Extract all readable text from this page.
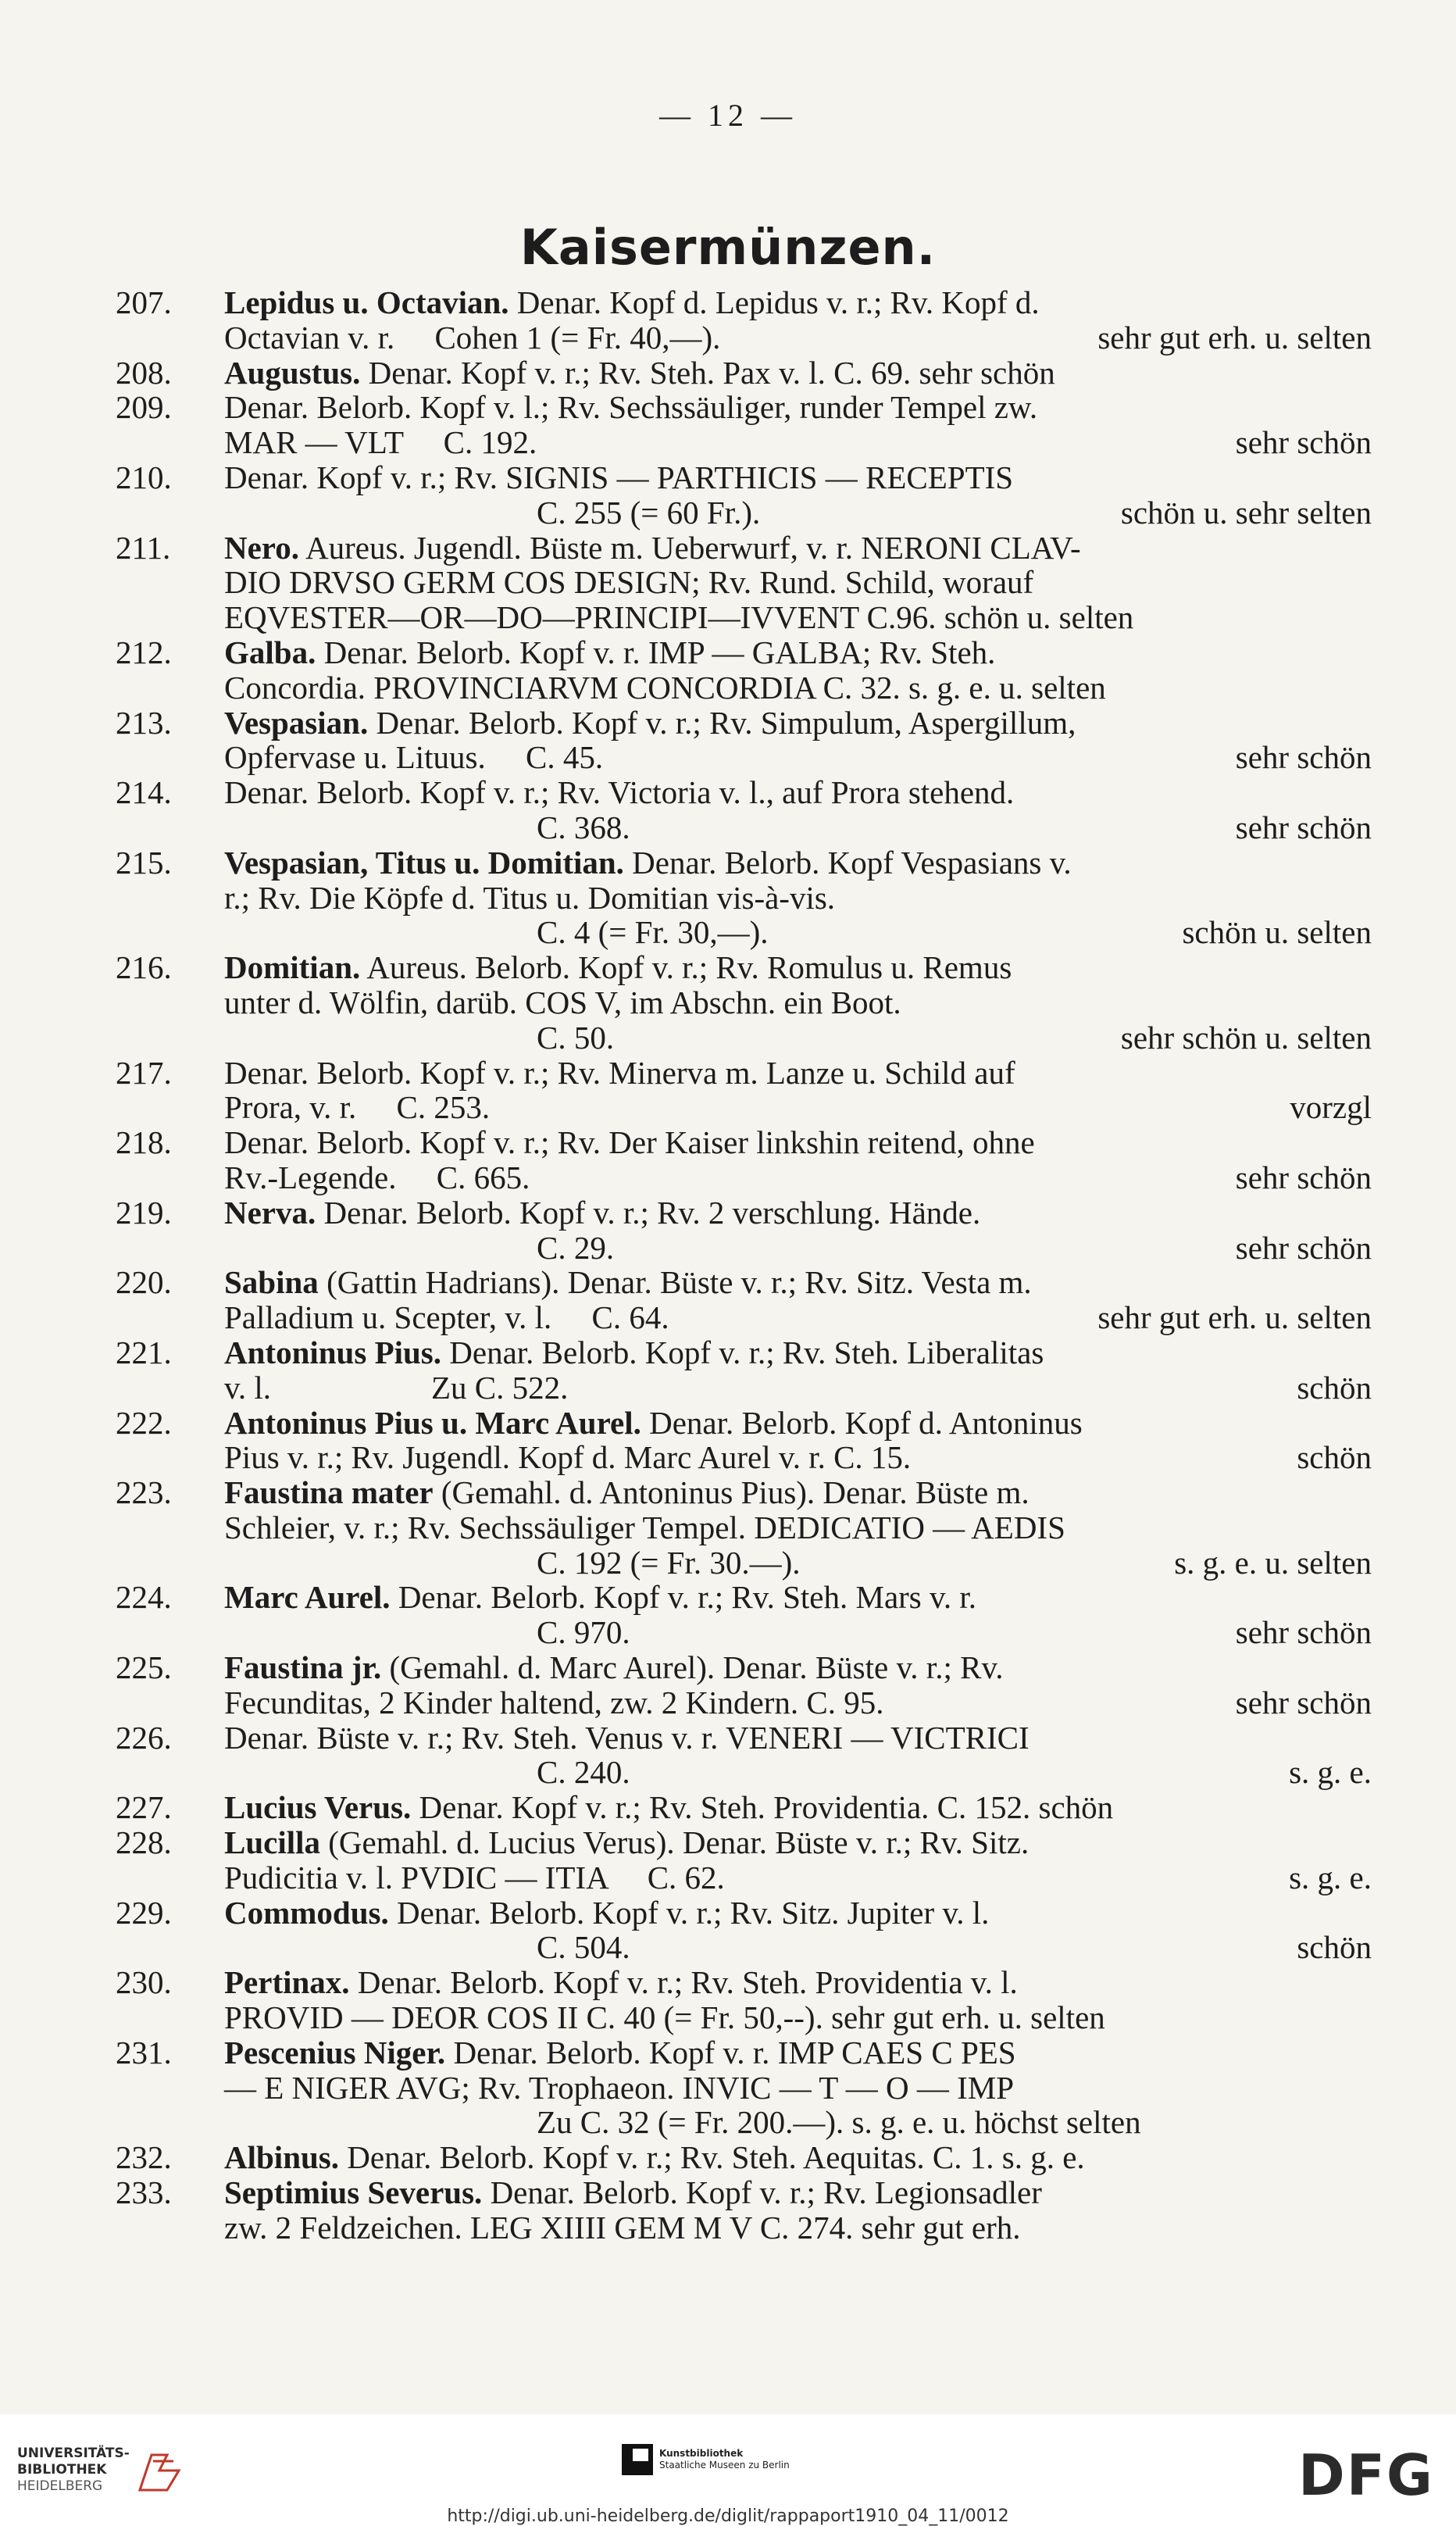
— 12 —
Kaisermünzen.
207.	Lepidus u. Octavian. Denar. Kopf d. Lepidus v. r.; Rv. Kopf d.
Octavian v. r.     Cohen 1 (= Fr. 40,—).	sehr gut erh. u. selten
208.	Augustus. Denar. Kopf v. r.; Rv. Steh. Pax v. l. C. 69. sehr schön
209.	Denar. Belorb. Kopf v. l.; Rv. Sechssäuliger, runder Tempel zw.
MAR — VLT     C. 192.	sehr schön
210.	Denar. Kopf v. r.; Rv. SIGNIS — PARTHICIS — RECEPTIS
C. 255 (= 60 Fr.).	schön u. sehr selten
211.	Nero. Aureus. Jugendl. Büste m. Ueberwurf, v. r. NERONI CLAV-
DIO DRVSO GERM COS DESIGN; Rv. Rund. Schild, worauf
EQVESTER—OR—DO—PRINCIPI—IVVENT C.96. schön u. selten
212.	Galba. Denar. Belorb. Kopf v. r. IMP — GALBA; Rv. Steh.
Concordia. PROVINCIARVM CONCORDIA C. 32. s. g. e. u. selten
213.	Vespasian. Denar. Belorb. Kopf v. r.; Rv. Simpulum, Aspergillum,
Opfervase u. Lituus.     C. 45.	sehr schön
214.	Denar. Belorb. Kopf v. r.; Rv. Victoria v. l., auf Prora stehend.
C. 368.	sehr schön
215.	Vespasian, Titus u. Domitian. Denar. Belorb. Kopf Vespasians v.
r.; Rv. Die Köpfe d. Titus u. Domitian vis-à-vis.
C. 4 (= Fr. 30,—).	schön u. selten
216.	Domitian. Aureus. Belorb. Kopf v. r.; Rv. Romulus u. Remus
unter d. Wölfin, darüb. COS V, im Abschn. ein Boot.
C. 50.	sehr schön u. selten
217.	Denar. Belorb. Kopf v. r.; Rv. Minerva m. Lanze u. Schild auf
Prora, v. r.     C. 253.	vorzgl
218.	Denar. Belorb. Kopf v. r.; Rv. Der Kaiser linkshin reitend, ohne
Rv.-Legende.     C. 665.	sehr schön
219.	Nerva. Denar. Belorb. Kopf v. r.; Rv. 2 verschlung. Hände.
C. 29.	sehr schön
220.	Sabina (Gattin Hadrians). Denar. Büste v. r.; Rv. Sitz. Vesta m.
Palladium u. Scepter, v. l.     C. 64.	sehr gut erh. u. selten
221.	Antoninus Pius. Denar. Belorb. Kopf v. r.; Rv. Steh. Liberalitas
v. l.                    Zu C. 522.	schön
222.	Antoninus Pius u. Marc Aurel. Denar. Belorb. Kopf d. Antoninus
Pius v. r.; Rv. Jugendl. Kopf d. Marc Aurel v. r. C. 15.	schön
223.	Faustina mater (Gemahl. d. Antoninus Pius). Denar. Büste m.
Schleier, v. r.; Rv. Sechssäuliger Tempel. DEDICATIO — AEDIS
C. 192 (= Fr. 30.—).	s. g. e. u. selten
224.	Marc Aurel. Denar. Belorb. Kopf v. r.; Rv. Steh. Mars v. r.
C. 970.	sehr schön
225.	Faustina jr. (Gemahl. d. Marc Aurel). Denar. Büste v. r.; Rv.
Fecunditas, 2 Kinder haltend, zw. 2 Kindern. C. 95.	sehr schön
226.	Denar. Büste v. r.; Rv. Steh. Venus v. r. VENERI — VICTRICI
C. 240.	s. g. e.
227.	Lucius Verus. Denar. Kopf v. r.; Rv. Steh. Providentia. C. 152. schön
228.	Lucilla (Gemahl. d. Lucius Verus). Denar. Büste v. r.; Rv. Sitz.
Pudicitia v. l. PVDIC — ITIA     C. 62.	s. g. e.
229.	Commodus. Denar. Belorb. Kopf v. r.; Rv. Sitz. Jupiter v. l.
C. 504.	schön
230.	Pertinax. Denar. Belorb. Kopf v. r.; Rv. Steh. Providentia v. l.
PROVID — DEOR COS II C. 40 (= Fr. 50,--). sehr gut erh. u. selten
231.	Pescenius Niger. Denar. Belorb. Kopf v. r. IMP CAES C PES
— E NIGER AVG; Rv. Trophaeon. INVIC — T — O — IMP
Zu C. 32 (= Fr. 200.—). s. g. e. u. höchst selten
232.	Albinus. Denar. Belorb. Kopf v. r.; Rv. Steh. Aequitas. C. 1. s. g. e.
233.	Septimius Severus. Denar. Belorb. Kopf v. r.; Rv. Legionsadler
zw. 2 Feldzeichen. LEG XIIII GEM M V C. 274. sehr gut erh.
UNIVERSITÄTS-
BIBLIOTHEK
HEIDELBERG
Kunstbibliothek
Staatliche Museen zu Berlin	DFG
http://digi.ub.uni-heidelberg.de/diglit/rappaport1910_04_11/0012
